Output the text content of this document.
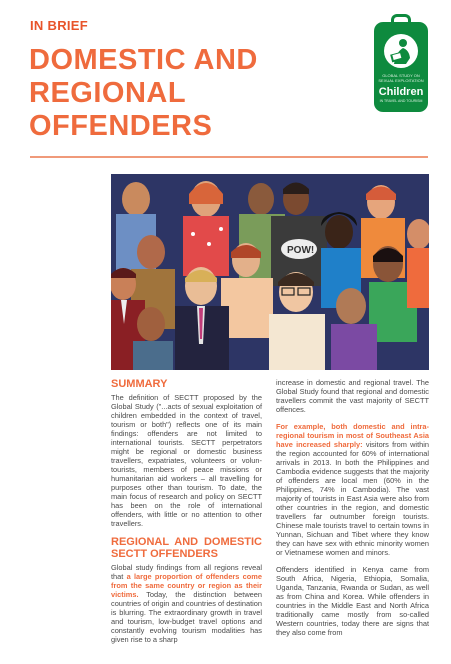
IN BRIEF
DOMESTIC AND
REGIONAL
OFFENDERS
GLOBAL STUDY ON SEXUAL EXPLOITATION
Children
IN TRAVEL AND TOURISM
POW!
SUMMARY
The definition of SECTT proposed by the Global Study ("...acts of sexual exploitation of children embedded in the context of travel, tourism or both") reflects one of its main findings: offenders are not limited to international tourists. SECTT perpetrators might be regional or domestic business travellers, expatriates, volunteers or volun-tourists, members of peace missions or humanitarian aid workers – all travelling for purposes other than tourism. To date, the main focus of research and policy on SECTT has been on the role of international offenders, with little or no attention to other travellers.
REGIONAL AND DOMESTIC SECTT OFFENDERS
Global study findings from all regions reveal that a large proportion of offenders come from the same country or region as their victims. Today, the distinction between countries of origin and countries of destination is blurring. The extraordinary growth in travel and tourism, low-budget travel options and constantly evolving tourism modalities has given rise to a sharp
increase in domestic and regional travel. The Global Study found that regional and domestic travellers commit the vast majority of SECTT offences.
For example, both domestic and intra-regional tourism in most of Southeast Asia have increased sharply: visitors from within the region accounted for 60% of international arrivals in 2013. In both the Philippines and Cambodia evidence suggests that the majority of offenders are local men (60% in the Philippines, 74% in Cambodia). The vast majority of tourists in East Asia were also from other countries in the region, and domestic travellers far outnumber foreign tourists. Chinese male tourists travel to certain towns in Yunnan, Sichuan and Tibet where they know they can have sex with ethnic minority women or Vietnamese women and minors.
Offenders identified in Kenya came from South Africa, Nigeria, Ethiopia, Somalia, Uganda, Tanzania, Rwanda or Sudan, as well as from China and Korea. While offenders in countries in the Middle East and North Africa traditionally came mostly from so-called Western countries, today there are signs that they also come from
